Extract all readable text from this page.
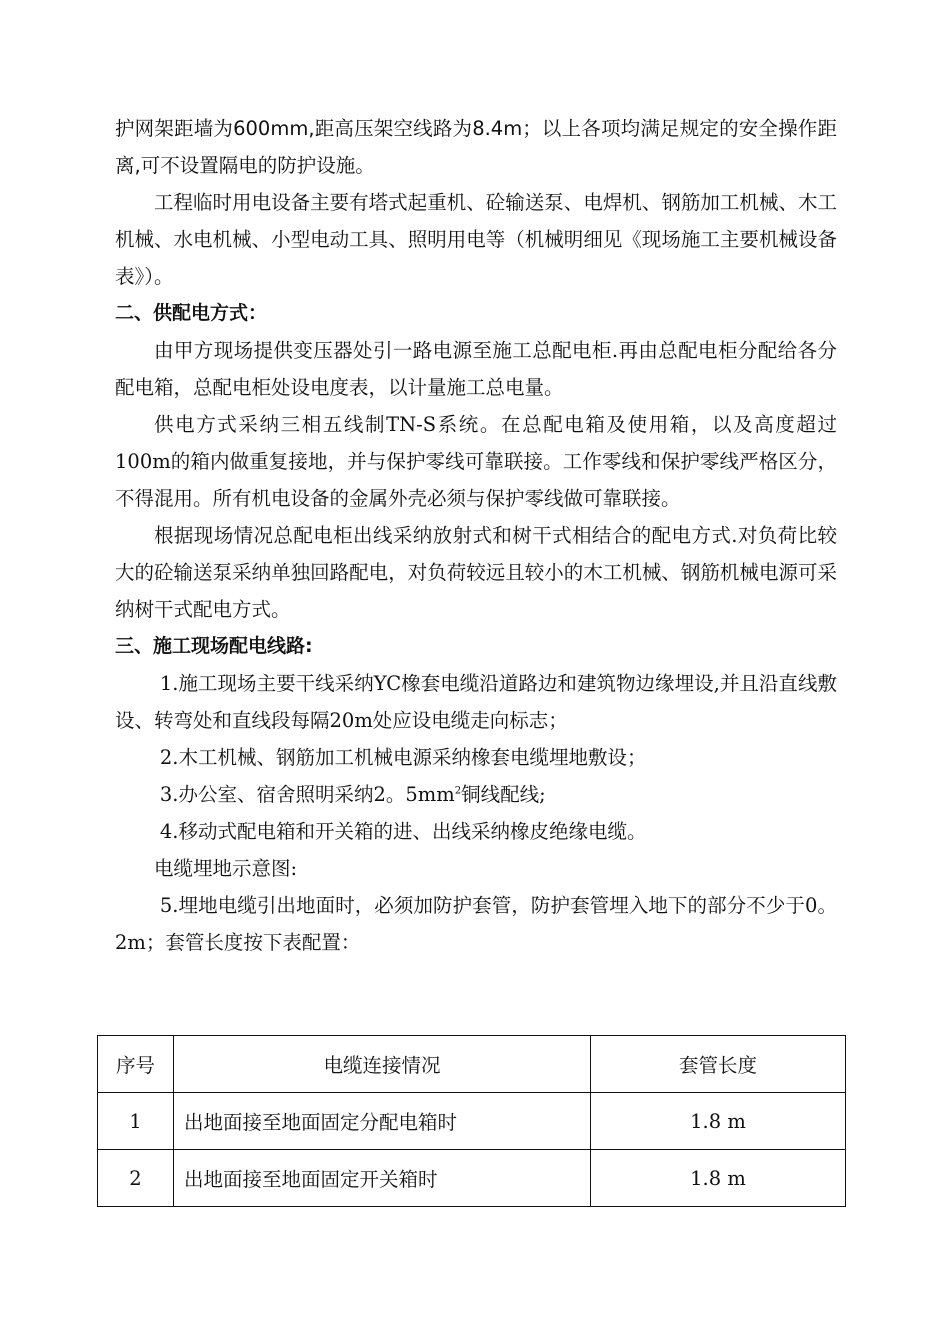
护网架距墙为600mm,距高压架空线路为8.4m；以上各项均满足规定的安全操作距离,可不设置隔电的防护设施。

工程临时用电设备主要有塔式起重机、砼输送泵、电焊机、钢筋加工机械、木工机械、水电机械、小型电动工具、照明用电等（机械明细见《现场施工主要机械设备表》）。

二、供配电方式：

由甲方现场提供变压器处引一路电源至施工总配电柜.再由总配电柜分配给各分配电箱，总配电柜处设电度表，以计量施工总电量。

供电方式采纳三相五线制TN-S系统。在总配电箱及使用箱，以及高度超过100m的箱内做重复接地，并与保护零线可靠联接。工作零线和保护零线严格区分，不得混用。所有机电设备的金属外壳必须与保护零线做可靠联接。

根据现场情况总配电柜出线采纳放射式和树干式相结合的配电方式.对负荷比较大的砼输送泵采纳单独回路配电，对负荷较远且较小的木工机械、钢筋机械电源可采纳树干式配电方式。

三、施工现场配电线路:

1.施工现场主要干线采纳YC橡套电缆沿道路边和建筑物边缘埋设,并且沿直线敷设、转弯处和直线段每隔20m处应设电缆走向标志；

2.木工机械、钢筋加工机械电源采纳橡套电缆埋地敷设；

3.办公室、宿舍照明采纳2。$5mm^2$铜线配线;

4.移动式配电箱和开关箱的进、出线采纳橡皮绝缘电缆。

电缆埋地示意图:

5.埋地电缆引出地面时，必须加防护套管，防护套管埋入地下的部分不少于0。2m；套管长度按下表配置：

序号	电缆连接情况	套管长度
1	出地面接至地面固定分配电箱时	1.8 m
2	出地面接至地面固定开关箱时	1.8 m
